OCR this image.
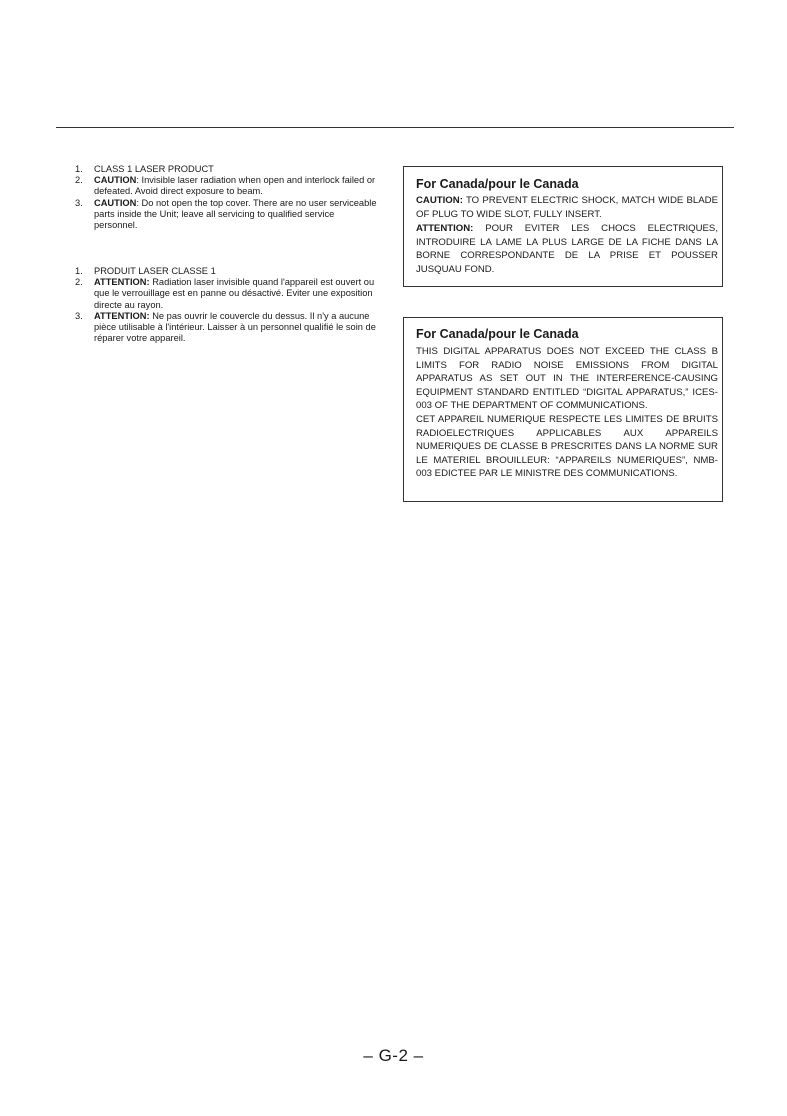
1.	CLASS 1 LASER PRODUCT
2.	CAUTION: Invisible laser radiation when open and interlock failed or defeated. Avoid direct exposure to beam.
3.	CAUTION: Do not open the top cover. There are no user serviceable parts inside the Unit; leave all servicing to qualified service personnel.
1.	PRODUIT LASER CLASSE 1
2.	ATTENTION: Radiation laser invisible quand l'appareil est ouvert ou que le verrouillage est en panne ou désactivé. Eviter une exposition directe au rayon.
3.	ATTENTION: Ne pas ouvrir le couvercle du dessus. Il n'y a aucune pièce utilisable à l'intérieur. Laisser à un personnel qualifié le soin de réparer votre appareil.
For Canada/pour le Canada
CAUTION: TO PREVENT ELECTRIC SHOCK, MATCH WIDE BLADE OF PLUG TO WIDE SLOT, FULLY INSERT.
ATTENTION: POUR EVITER LES CHOCS ELECTRIQUES, INTRODUIRE LA LAME LA PLUS LARGE DE LA FICHE DANS LA BORNE CORRESPONDANTE DE LA PRISE ET POUSSER JUSQUAU FOND.
For Canada/pour le Canada
THIS DIGITAL APPARATUS DOES NOT EXCEED THE CLASS B LIMITS FOR RADIO NOISE EMISSIONS FROM DIGITAL APPARATUS AS SET OUT IN THE INTERFERENCE-CAUSING EQUIPMENT STANDARD ENTITLED “DIGITAL APPARATUS,” ICES-003 OF THE DEPARTMENT OF COMMUNICATIONS.
CET APPAREIL NUMERIQUE RESPECTE LES LIMITES DE BRUITS RADIOELECTRIQUES APPLICABLES AUX APPAREILS NUMERIQUES DE CLASSE B PRESCRITES DANS LA NORME SUR LE MATERIEL BROUILLEUR: “APPAREILS NUMERIQUES”, NMB-003 EDICTEE PAR LE MINISTRE DES COMMUNICATIONS.
– G-2 –
